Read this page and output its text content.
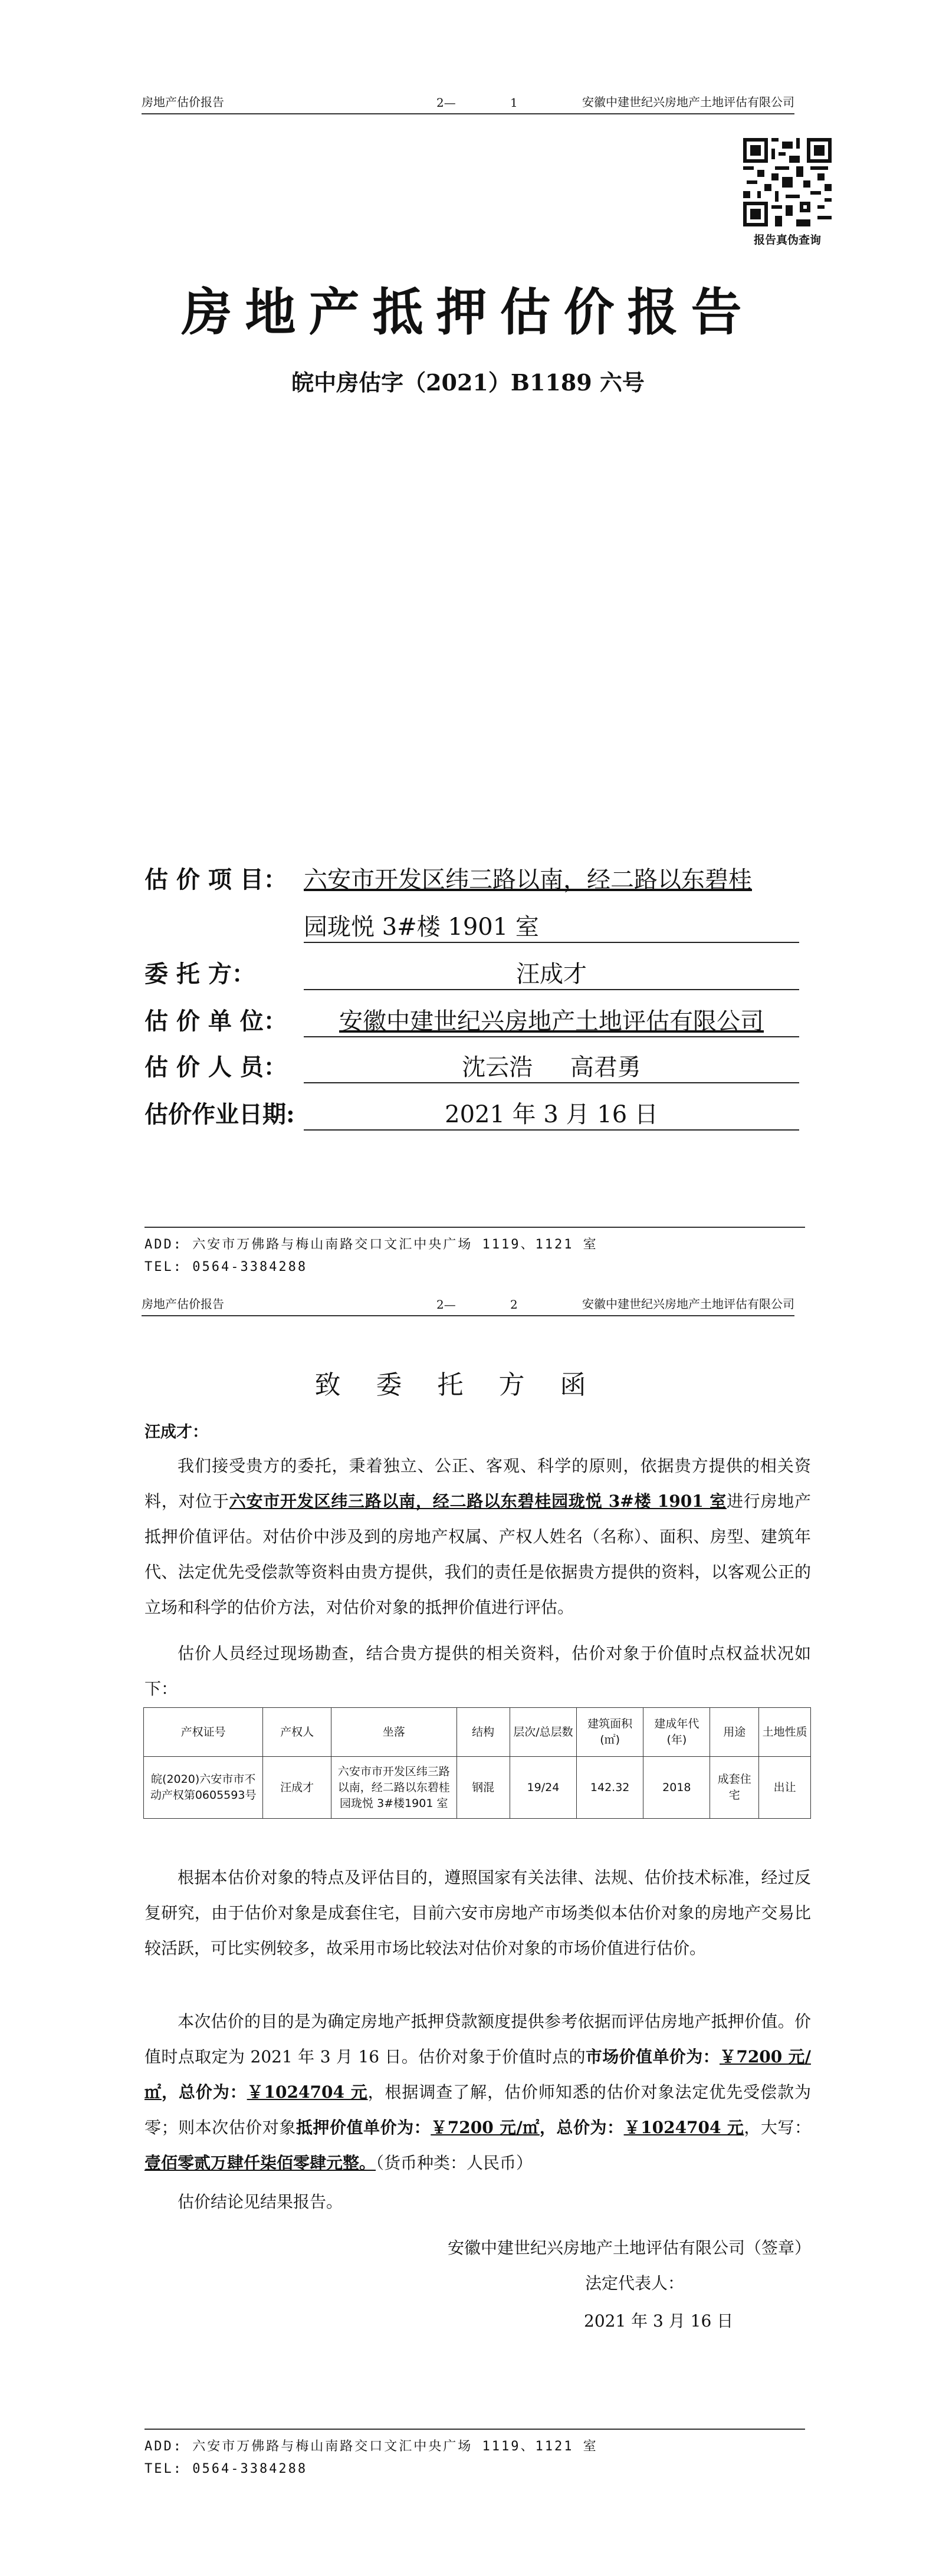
房地产估价报告	2—	1	安徽中建世纪兴房地产土地评估有限公司
报告真伪查询
房地产抵押估价报告
皖中房估字（2021）B1189 六号
估 价 项 目： 六安市开发区纬三路以南，经二路以东碧桂
园珑悦 3#楼 1901 室
委 托 方：	汪成才
估 价 单 位：	安徽中建世纪兴房地产土地评估有限公司
估 价 人 员：	沈云浩     高君勇
估价作业日期:	2021 年 3 月 16 日
ADD: 六安市万佛路与梅山南路交口文汇中央广场 1119、1121 室
TEL: 0564-3384288
房地产估价报告	2—	2	安徽中建世纪兴房地产土地评估有限公司
致委托方函
汪成才：
我们接受贵方的委托，秉着独立、公正、客观、科学的原则，依据贵方提供的相关资料，对位于六安市开发区纬三路以南，经二路以东碧桂园珑悦 3#楼 1901 室进行房地产抵押价值评估。对估价中涉及到的房地产权属、产权人姓名（名称）、面积、房型、建筑年代、法定优先受偿款等资料由贵方提供，我们的责任是依据贵方提供的资料，以客观公正的立场和科学的估价方法，对估价对象的抵押价值进行评估。
估价人员经过现场勘查，结合贵方提供的相关资料，估价对象于价值时点权益状况如下：
产权证号	产权人	坐落	结构	层次/总层数	建筑面积(㎡)	建成年代(年)	用途	土地性质
皖(2020)六安市市不动产权第0605593号	汪成才	六安市市开发区纬三路以南，经二路以东碧桂园珑悦 3#楼1901 室	钢混	19/24	142.32	2018	成套住宅	出让
根据本估价对象的特点及评估目的，遵照国家有关法律、法规、估价技术标准，经过反复研究，由于估价对象是成套住宅，目前六安市房地产市场类似本估价对象的房地产交易比较活跃，可比实例较多，故采用市场比较法对估价对象的市场价值进行估价。
本次估价的目的是为确定房地产抵押贷款额度提供参考依据而评估房地产抵押价值。价值时点取定为 2021 年 3 月 16 日。估价对象于价值时点的市场价值单价为：￥7200 元/㎡，总价为：￥1024704 元，根据调查了解，估价师知悉的估价对象法定优先受偿款为零；则本次估价对象抵押价值单价为：￥7200 元/㎡，总价为：￥1024704 元，大写：壹佰零贰万肆仟柒佰零肆元整。（货币种类：人民币）
估价结论见结果报告。
安徽中建世纪兴房地产土地评估有限公司（签章）
法定代表人：
2021 年 3 月 16 日
ADD: 六安市万佛路与梅山南路交口文汇中央广场 1119、1121 室
TEL: 0564-3384288
